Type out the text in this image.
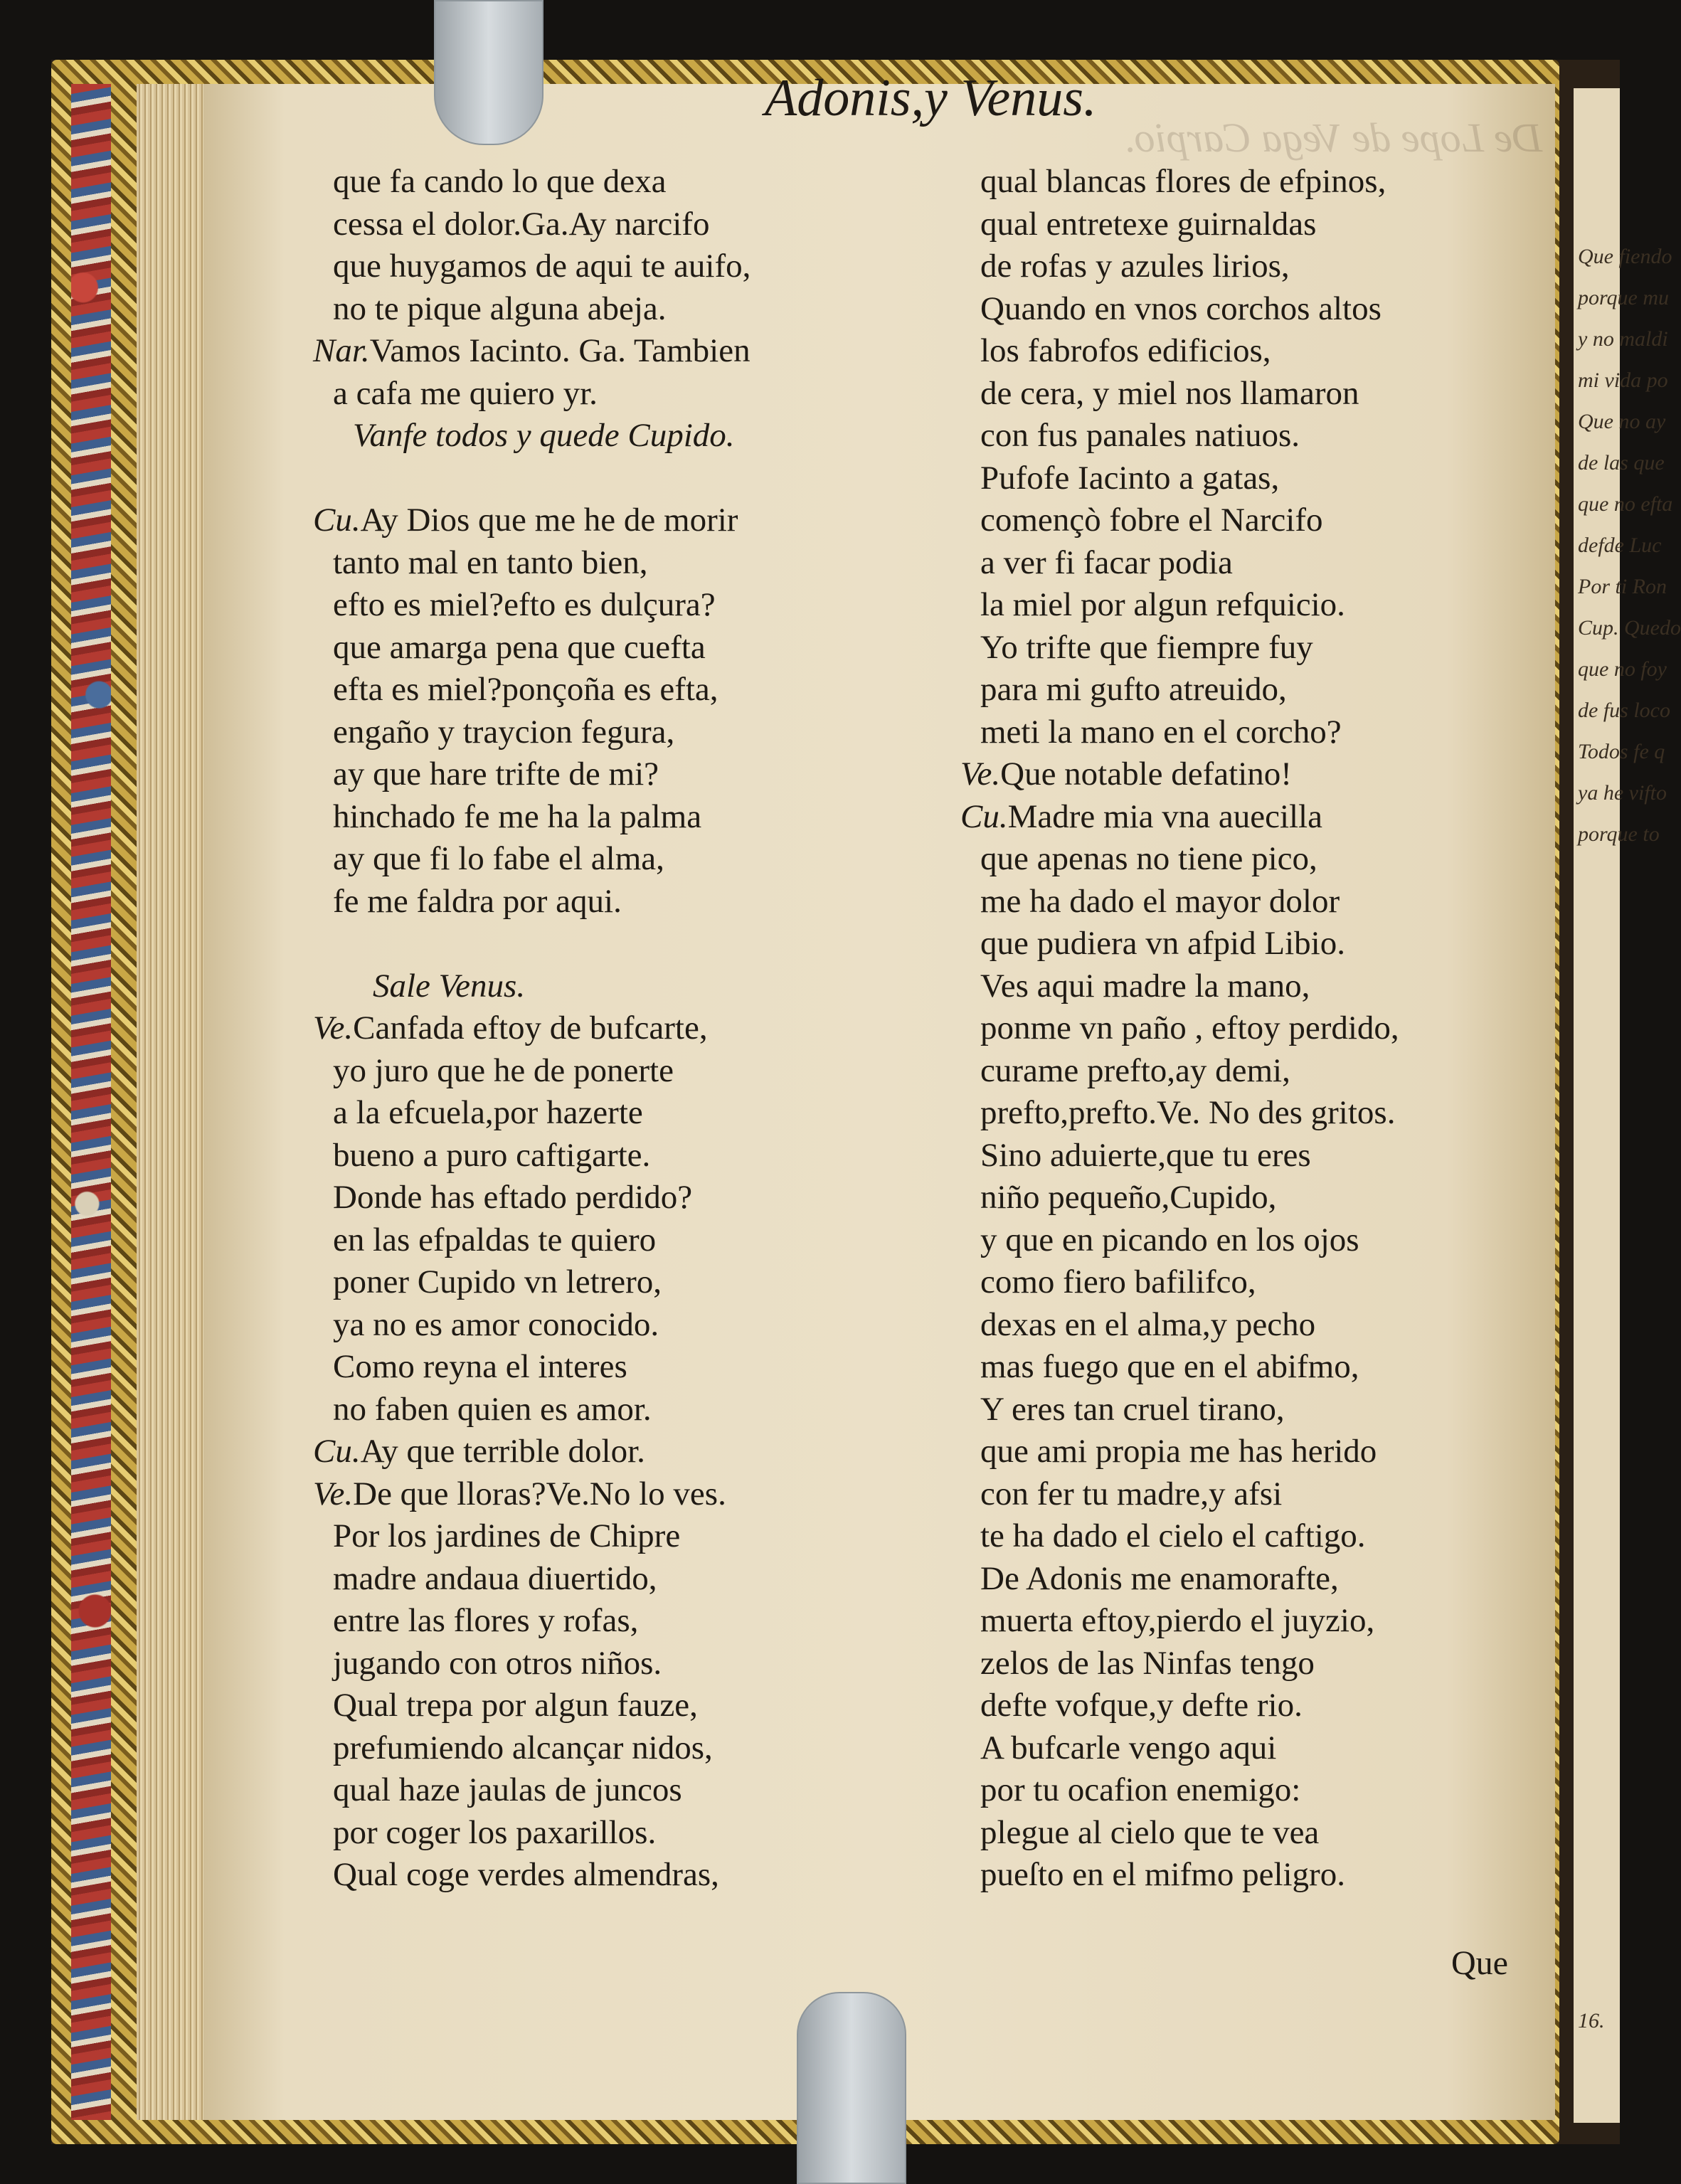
Que fiendo
porque mu
y no maldi
mi vida po
Que no ay
de las que
que no efta
defde Luc
Por ti Ron
Cup. Quedo
que no foy
de fus loco
Todos fe q
ya he vifto
porque to
16.
De Lope de Vega Carpio.
Adonis,y Venus.
que fa cando lo que dexa
cessa el dolor.Ga.Ay narcifo
que huygamos de aqui te auifo,
no te pique alguna abeja.
Nar.Vamos Iacinto. Ga. Tambien
a cafa me quiero yr.
Vanfe todos y quede Cupido.
Cu.Ay Dios que me he de morir
tanto mal en tanto bien,
efto es miel?efto es dulçura?
que amarga pena que cuefta
efta es miel?ponçoña es efta,
engaño y traycion fegura,
ay que hare trifte de mi?
hinchado fe me ha la palma
ay que fi lo fabe el alma,
fe me faldra por aqui.
Sale Venus.
Ve.Canfada eftoy de bufcarte,
yo juro que he de ponerte
a la efcuela,por hazerte
bueno a puro caftigarte.
Donde has eftado perdido?
en las efpaldas te quiero
poner Cupido vn letrero,
ya no es amor conocido.
Como reyna el interes
no faben quien es amor.
Cu.Ay que terrible dolor.
Ve.De que lloras?Ve.No lo ves.
Por los jardines de Chipre
madre andaua diuertido,
entre las flores y rofas,
jugando con otros niños.
Qual trepa por algun fauze,
prefumiendo alcançar nidos,
qual haze jaulas de juncos
por coger los paxarillos.
Qual coge verdes almendras,
qual blancas flores de efpinos,
qual entretexe guirnaldas
de rofas y azules lirios,
Quando en vnos corchos altos
los fabrofos edificios,
de cera, y miel nos llamaron
con fus panales natiuos.
Pufofe Iacinto a gatas,
començò fobre el Narcifo
a ver fi facar podia
la miel por algun refquicio.
Yo trifte que fiempre fuy
para mi gufto atreuido,
meti la mano en el corcho?
Ve.Que notable defatino!
Cu.Madre mia vna auecilla
que apenas no tiene pico,
me ha dado el mayor dolor
que pudiera vn afpid Libio.
Ves aqui madre la mano,
ponme vn paño , eftoy perdido,
curame prefto,ay demi,
prefto,prefto.Ve. No des gritos.
Sino aduierte,que tu eres
niño pequeño,Cupido,
y que en picando en los ojos
como fiero bafilifco,
dexas en el alma,y pecho
mas fuego que en el abifmo,
Y eres tan cruel tirano,
que ami propia me has herido
con fer tu madre,y afsi
te ha dado el cielo el caftigo.
De Adonis me enamorafte,
muerta eftoy,pierdo el juyzio,
zelos de las Ninfas tengo
defte vofque,y defte rio.
A bufcarle vengo aqui
por tu ocafion enemigo:
plegue al cielo que te vea
pueſto en el mifmo peligro.
Que
